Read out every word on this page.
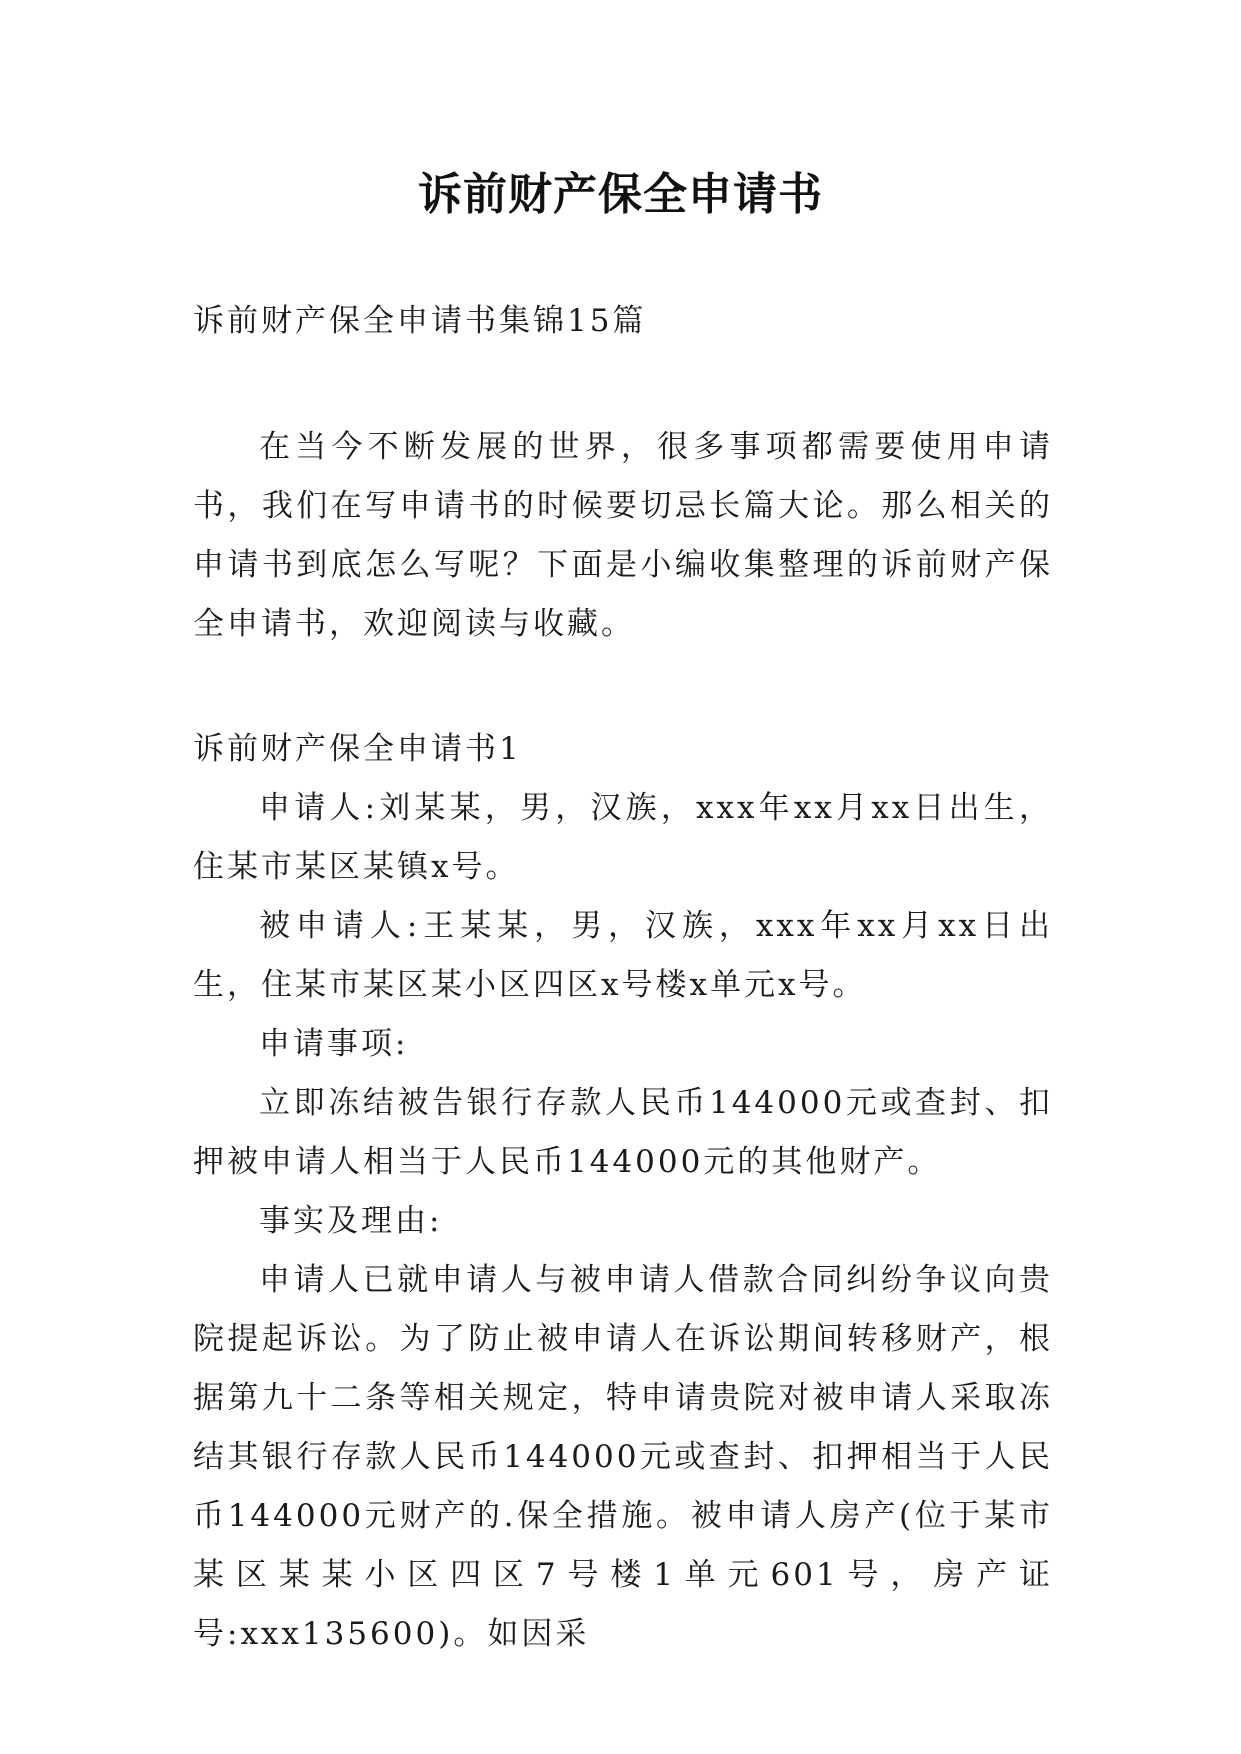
诉前财产保全申请书

诉前财产保全申请书集锦15篇

在当今不断发展的世界，很多事项都需要使用申请书，我们在写申请书的时候要切忌长篇大论。那么相关的申请书到底怎么写呢？下面是小编收集整理的诉前财产保全申请书，欢迎阅读与收藏。

诉前财产保全申请书1

申请人:刘某某，男，汉族，xxx年xx月xx日出生，住某市某区某镇x号。

被申请人:王某某，男，汉族，xxx年xx月xx日出生，住某市某区某小区四区x号楼x单元x号。

申请事项:

立即冻结被告银行存款人民币144000元或查封、扣押被申请人相当于人民币144000元的其他财产。

事实及理由:

申请人已就申请人与被申请人借款合同纠纷争议向贵院提起诉讼。为了防止被申请人在诉讼期间转移财产，根据第九十二条等相关规定，特申请贵院对被申请人采取冻结其银行存款人民币144000元或查封、扣押相当于人民币144000元财产的.保全措施。被申请人房产(位于某市某区某某小区四区7号楼1单元601号，房产证号:xxx135600)。如因采
